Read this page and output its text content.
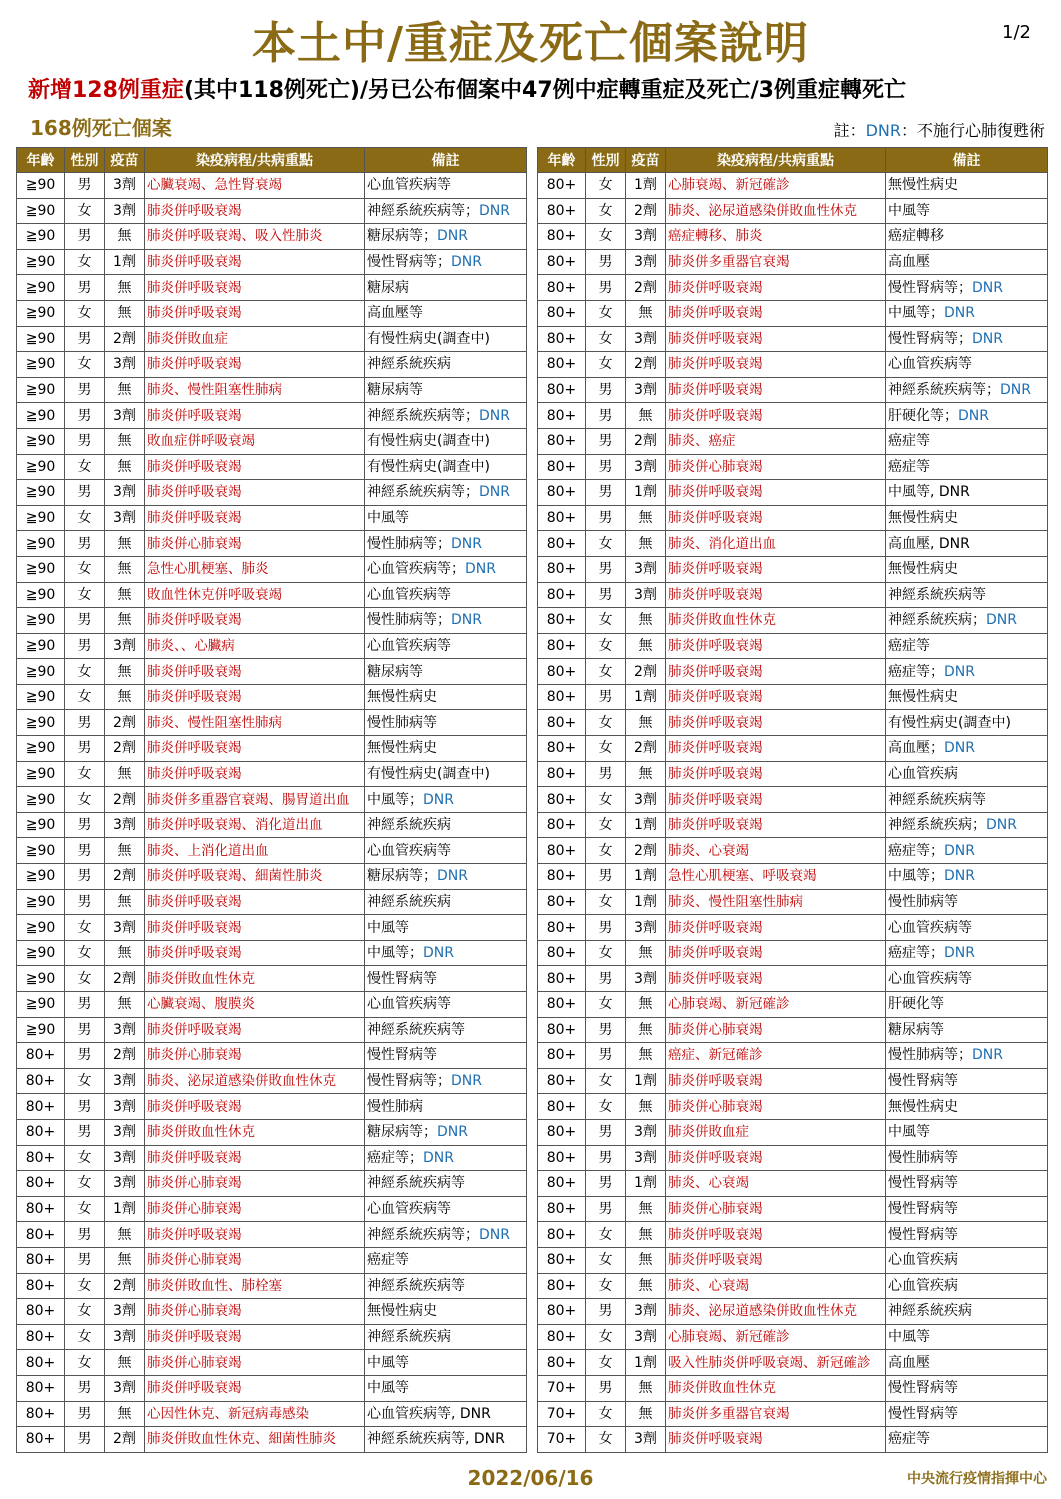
本土中/重症及死亡個案說明	1/2
新增128例重症(其中118例死亡)/另已公布個案中47例中症轉重症及死亡/3例重症轉死亡
168例死亡個案	註：DNR：不施行心肺復甦術
年齡	性別	疫苗	染疫病程/共病重點	備註
≧90	男	3劑	心臟衰竭、急性腎衰竭	心血管疾病等
≧90	女	3劑	肺炎併呼吸衰竭	神經系統疾病等；DNR
≧90	男	無	肺炎併呼吸衰竭、吸入性肺炎	糖尿病等；DNR
≧90	女	1劑	肺炎併呼吸衰竭	慢性腎病等；DNR
≧90	男	無	肺炎併呼吸衰竭	糖尿病
≧90	女	無	肺炎併呼吸衰竭	高血壓等
≧90	男	2劑	肺炎併敗血症	有慢性病史(調查中)
≧90	女	3劑	肺炎併呼吸衰竭	神經系統疾病
≧90	男	無	肺炎、慢性阻塞性肺病	糖尿病等
≧90	男	3劑	肺炎併呼吸衰竭	神經系統疾病等；DNR
≧90	男	無	敗血症併呼吸衰竭	有慢性病史(調查中)
≧90	女	無	肺炎併呼吸衰竭	有慢性病史(調查中)
≧90	男	3劑	肺炎併呼吸衰竭	神經系統疾病等；DNR
≧90	女	3劑	肺炎併呼吸衰竭	中風等
≧90	男	無	肺炎併心肺衰竭	慢性肺病等；DNR
≧90	女	無	急性心肌梗塞、肺炎	心血管疾病等；DNR
≧90	女	無	敗血性休克併呼吸衰竭	心血管疾病等
≧90	男	無	肺炎併呼吸衰竭	慢性肺病等；DNR
≧90	男	3劑	肺炎、、心臟病	心血管疾病等
≧90	女	無	肺炎併呼吸衰竭	糖尿病等
≧90	女	無	肺炎併呼吸衰竭	無慢性病史
≧90	男	2劑	肺炎、慢性阻塞性肺病	慢性肺病等
≧90	男	2劑	肺炎併呼吸衰竭	無慢性病史
≧90	女	無	肺炎併呼吸衰竭	有慢性病史(調查中)
≧90	女	2劑	肺炎併多重器官衰竭、腸胃道出血	中風等；DNR
≧90	男	3劑	肺炎併呼吸衰竭、消化道出血	神經系統疾病
≧90	男	無	肺炎、上消化道出血	心血管疾病等
≧90	男	2劑	肺炎併呼吸衰竭、細菌性肺炎	糖尿病等；DNR
≧90	男	無	肺炎併呼吸衰竭	神經系統疾病
≧90	女	3劑	肺炎併呼吸衰竭	中風等
≧90	女	無	肺炎併呼吸衰竭	中風等；DNR
≧90	女	2劑	肺炎併敗血性休克	慢性腎病等
≧90	男	無	心臟衰竭、腹膜炎	心血管疾病等
≧90	男	3劑	肺炎併呼吸衰竭	神經系統疾病等
80+	男	2劑	肺炎併心肺衰竭	慢性腎病等
80+	女	3劑	肺炎、泌尿道感染併敗血性休克	慢性腎病等；DNR
80+	男	3劑	肺炎併呼吸衰竭	慢性肺病
80+	男	3劑	肺炎併敗血性休克	糖尿病等；DNR
80+	女	3劑	肺炎併呼吸衰竭	癌症等；DNR
80+	女	3劑	肺炎併心肺衰竭	神經系統疾病等
80+	女	1劑	肺炎併心肺衰竭	心血管疾病等
80+	男	無	肺炎併呼吸衰竭	神經系統疾病等；DNR
80+	男	無	肺炎併心肺衰竭	癌症等
80+	女	2劑	肺炎併敗血性、肺栓塞	神經系統疾病等
80+	女	3劑	肺炎併心肺衰竭	無慢性病史
80+	女	3劑	肺炎併呼吸衰竭	神經系統疾病
80+	女	無	肺炎併心肺衰竭	中風等
80+	男	3劑	肺炎併呼吸衰竭	中風等
80+	男	無	心因性休克、新冠病毒感染	心血管疾病等, DNR
80+	男	2劑	肺炎併敗血性休克、細菌性肺炎	神經系統疾病等, DNR
年齡	性別	疫苗	染疫病程/共病重點	備註
80+	女	1劑	心肺衰竭、新冠確診	無慢性病史
80+	女	2劑	肺炎、泌尿道感染併敗血性休克	中風等
80+	女	3劑	癌症轉移、肺炎	癌症轉移
80+	男	3劑	肺炎併多重器官衰竭	高血壓
80+	男	2劑	肺炎併呼吸衰竭	慢性腎病等；DNR
80+	女	無	肺炎併呼吸衰竭	中風等；DNR
80+	女	3劑	肺炎併呼吸衰竭	慢性腎病等；DNR
80+	女	2劑	肺炎併呼吸衰竭	心血管疾病等
80+	男	3劑	肺炎併呼吸衰竭	神經系統疾病等；DNR
80+	男	無	肺炎併呼吸衰竭	肝硬化等；DNR
80+	男	2劑	肺炎、癌症	癌症等
80+	男	3劑	肺炎併心肺衰竭	癌症等
80+	男	1劑	肺炎併呼吸衰竭	中風等, DNR
80+	男	無	肺炎併呼吸衰竭	無慢性病史
80+	女	無	肺炎、消化道出血	高血壓, DNR
80+	男	3劑	肺炎併呼吸衰竭	無慢性病史
80+	男	3劑	肺炎併呼吸衰竭	神經系統疾病等
80+	女	無	肺炎併敗血性休克	神經系統疾病；DNR
80+	女	無	肺炎併呼吸衰竭	癌症等
80+	女	2劑	肺炎併呼吸衰竭	癌症等；DNR
80+	男	1劑	肺炎併呼吸衰竭	無慢性病史
80+	女	無	肺炎併呼吸衰竭	有慢性病史(調查中)
80+	女	2劑	肺炎併呼吸衰竭	高血壓；DNR
80+	男	無	肺炎併呼吸衰竭	心血管疾病
80+	女	3劑	肺炎併呼吸衰竭	神經系統疾病等
80+	女	1劑	肺炎併呼吸衰竭	神經系統疾病；DNR
80+	女	2劑	肺炎、心衰竭	癌症等；DNR
80+	男	1劑	急性心肌梗塞、呼吸衰竭	中風等；DNR
80+	女	1劑	肺炎、慢性阻塞性肺病	慢性肺病等
80+	男	3劑	肺炎併呼吸衰竭	心血管疾病等
80+	女	無	肺炎併呼吸衰竭	癌症等；DNR
80+	男	3劑	肺炎併呼吸衰竭	心血管疾病等
80+	女	無	心肺衰竭、新冠確診	肝硬化等
80+	男	無	肺炎併心肺衰竭	糖尿病等
80+	男	無	癌症、新冠確診	慢性肺病等；DNR
80+	女	1劑	肺炎併呼吸衰竭	慢性腎病等
80+	女	無	肺炎併心肺衰竭	無慢性病史
80+	男	3劑	肺炎併敗血症	中風等
80+	男	3劑	肺炎併呼吸衰竭	慢性肺病等
80+	男	1劑	肺炎、心衰竭	慢性腎病等
80+	男	無	肺炎併心肺衰竭	慢性腎病等
80+	女	無	肺炎併呼吸衰竭	慢性腎病等
80+	女	無	肺炎併呼吸衰竭	心血管疾病
80+	女	無	肺炎、心衰竭	心血管疾病
80+	男	3劑	肺炎、泌尿道感染併敗血性休克	神經系統疾病
80+	女	3劑	心肺衰竭、新冠確診	中風等
80+	女	1劑	吸入性肺炎併呼吸衰竭、新冠確診	高血壓
70+	男	無	肺炎併敗血性休克	慢性腎病等
70+	女	無	肺炎併多重器官衰竭	慢性腎病等
70+	女	3劑	肺炎併呼吸衰竭	癌症等
2022/06/16	中央流行疫情指揮中心
